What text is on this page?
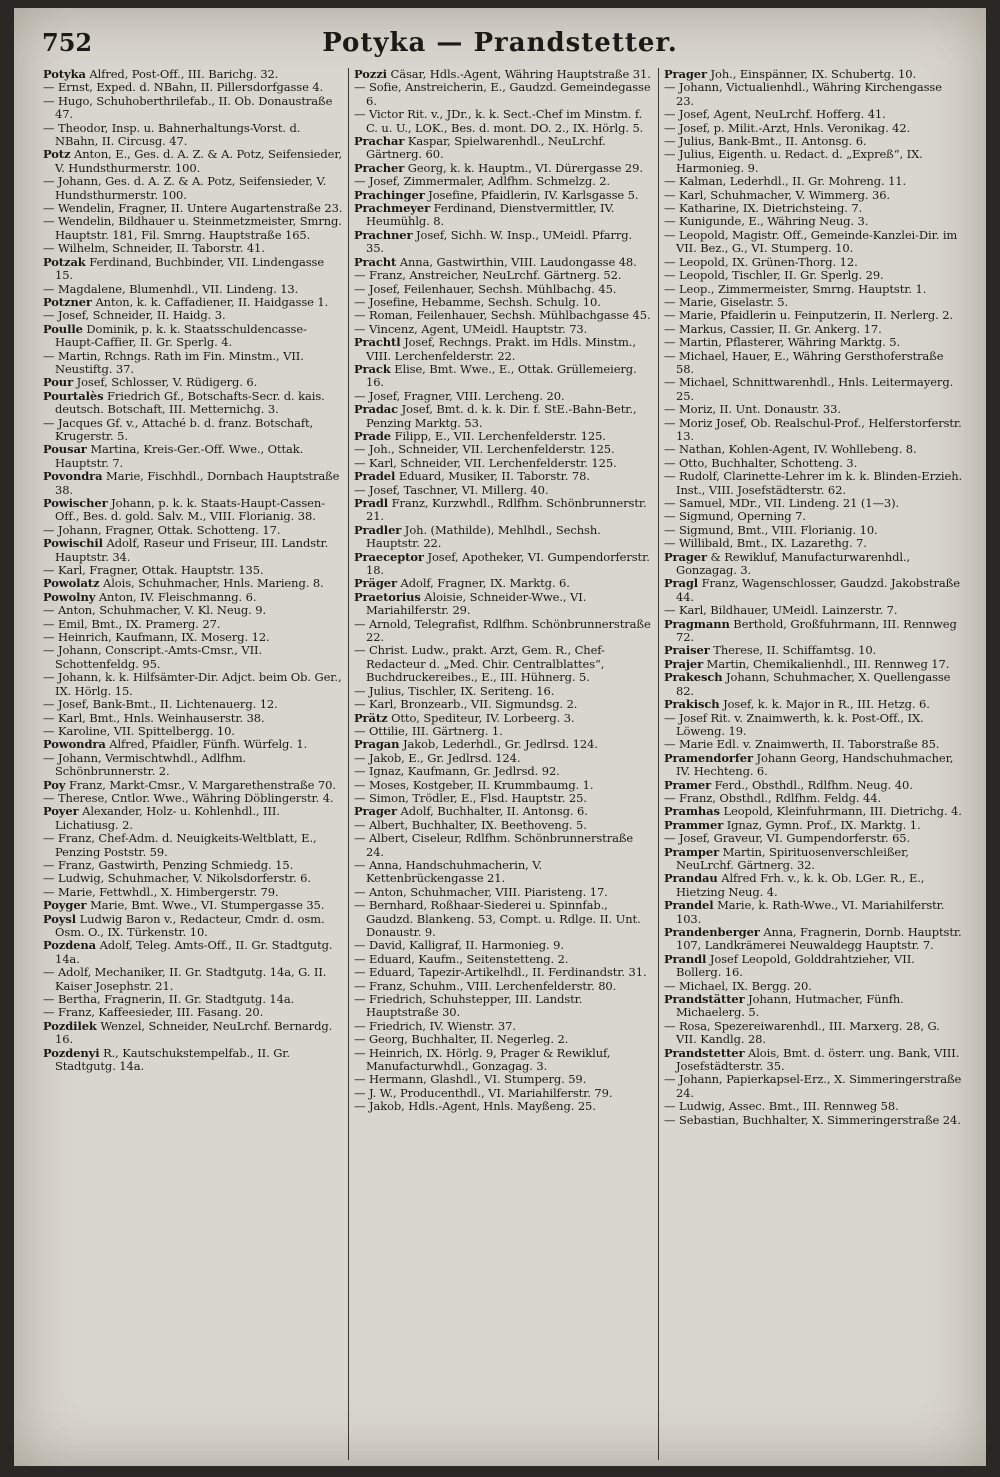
752	Potyka — Prandstetter.

Potyka Alfred, Post-Off., III. Barichg. 32.

— Ernst, Exped. d. NBahn, II. Pillersdorfgasse 4.

— Hugo, Schuhoberthrilefab., II. Ob. Donaustraße 47.

— Theodor, Insp. u. Bahnerhaltungs-Vorst. d. NBahn, II. Circusg. 47.

Potz Anton, E., Ges. d. A. Z. & A. Potz, Seifensieder, V. Hundsthurmerstr. 100.

— Johann, Ges. d. A. Z. & A. Potz, Seifensieder, V. Hundsthurmerstr. 100.

— Wendelin, Fragner, II. Untere Augartenstraße 23.

— Wendelin, Bildhauer u. Steinmetzmeister, Smrng. Hauptstr. 181, Fil. Smrng. Hauptstraße 165.

— Wilhelm, Schneider, II. Taborstr. 41.

Potzak Ferdinand, Buchbinder, VII. Lindengasse 15.

— Magdalene, Blumenhdl., VII. Lindeng. 13.

Potzner Anton, k. k. Caffadiener, II. Haidgasse 1.

— Josef, Schneider, II. Haidg. 3.

Poulle Dominik, p. k. k. Staatsschuldencasse-Haupt-Caffier, II. Gr. Sperlg. 4.

— Martin, Rchngs. Rath im Fin. Minstm., VII. Neustiftg. 37.

Pour Josef, Schlosser, V. Rüdigerg. 6.

Pourtalès Friedrich Gf., Botschafts-Secr. d. kais. deutsch. Botschaft, III. Metternichg. 3.

— Jacques Gf. v., Attaché b. d. franz. Botschaft, Krugerstr. 5.

Pousar Martina, Kreis-Ger.-Off. Wwe., Ottak. Hauptstr. 7.

Povondra Marie, Fischhdl., Dornbach Hauptstraße 38.

Powischer Johann, p. k. k. Staats-Haupt-Cassen-Off., Bes. d. gold. Salv. M., VIII. Florianig. 38.

— Johann, Fragner, Ottak. Schotteng. 17.

Powischil Adolf, Raseur und Friseur, III. Landstr. Hauptstr. 34.

— Karl, Fragner, Ottak. Hauptstr. 135.

Powolatz Alois, Schuhmacher, Hnls. Marieng. 8.

Powolny Anton, IV. Fleischmanng. 6.

— Anton, Schuhmacher, V. Kl. Neug. 9.

— Emil, Bmt., IX. Pramerg. 27.

— Heinrich, Kaufmann, IX. Moserg. 12.

— Johann, Conscript.-Amts-Cmsr., VII. Schottenfeldg. 95.

— Johann, k. k. Hilfsämter-Dir. Adjct. beim Ob. Ger., IX. Hörlg. 15.

— Josef, Bank-Bmt., II. Lichtenauerg. 12.

— Karl, Bmt., Hnls. Weinhauserstr. 38.

— Karoline, VII. Spittelbergg. 10.

Powondra Alfred, Pfaidler, Fünfh. Würfelg. 1.

— Johann, Vermischtwhdl., Adlfhm. Schönbrunnerstr. 2.

Poy Franz, Markt-Cmsr., V. Margarethenstraße 70.

— Therese, Cntlor. Wwe., Währing Döblingerstr. 4.

Poyer Alexander, Holz- u. Kohlenhdl., III. Lichatiusg. 2.

— Franz, Chef-Adm. d. Neuigkeits-Weltblatt, E., Penzing Poststr. 59.

— Franz, Gastwirth, Penzing Schmiedg. 15.

— Ludwig, Schuhmacher, V. Nikolsdorferstr. 6.

— Marie, Fettwhdl., X. Himbergerstr. 79.

Poyger Marie, Bmt. Wwe., VI. Stumpergasse 35.

Poysl Ludwig Baron v., Redacteur, Cmdr. d. osm. Osm. O., IX. Türkenstr. 10.

Pozdena Adolf, Teleg. Amts-Off., II. Gr. Stadtgutg. 14a.

— Adolf, Mechaniker, II. Gr. Stadtgutg. 14a, G. II. Kaiser Josephstr. 21.

— Bertha, Fragnerin, II. Gr. Stadtgutg. 14a.

— Franz, Kaffeesieder, III. Fasang. 20.

Pozdilek Wenzel, Schneider, NeuLrchf. Bernardg. 16.

Pozdenyi R., Kautschukstempelfab., II. Gr. Stadtgutg. 14a.

Pozzi Cäsar, Hdls.-Agent, Währing Hauptstraße 31.

— Sofie, Anstreicherin, E., Gaudzd. Gemeindegasse 6.

— Victor Rit. v., JDr., k. k. Sect.-Chef im Minstm. f. C. u. U., LOK., Bes. d. mont. DO. 2., IX. Hörlg. 5.

Prachar Kaspar, Spielwarenhdl., NeuLrchf. Gärtnerg. 60.

Pracher Georg, k. k. Hauptm., VI. Dürergasse 29.

— Josef, Zimmermaler, Adlfhm. Schmelzg. 2.

Prachinger Josefine, Pfaidlerin, IV. Karlsgasse 5.

Prachmeyer Ferdinand, Dienstvermittler, IV. Heumühlg. 8.

Prachner Josef, Sichh. W. Insp., UMeidl. Pfarrg. 35.

Pracht Anna, Gastwirthin, VIII. Laudongasse 48.

— Franz, Anstreicher, NeuLrchf. Gärtnerg. 52.

— Josef, Feilenhauer, Sechsh. Mühlbachg. 45.

— Josefine, Hebamme, Sechsh. Schulg. 10.

— Roman, Feilenhauer, Sechsh. Mühlbachgasse 45.

— Vincenz, Agent, UMeidl. Hauptstr. 73.

Prachtl Josef, Rechngs. Prakt. im Hdls. Minstm., VIII. Lerchenfelderstr. 22.

Prack Elise, Bmt. Wwe., E., Ottak. Grüllemeierg. 16.

— Josef, Fragner, VIII. Lercheng. 20.

Pradac Josef, Bmt. d. k. k. Dir. f. StE.-Bahn-Betr., Penzing Marktg. 53.

Prade Filipp, E., VII. Lerchenfelderstr. 125.

— Joh., Schneider, VII. Lerchenfelderstr. 125.

— Karl, Schneider, VII. Lerchenfelderstr. 125.

Pradel Eduard, Musiker, II. Taborstr. 78.

— Josef, Taschner, VI. Millerg. 40.

Pradl Franz, Kurzwhdl., Rdlfhm. Schönbrunnerstr. 21.

Pradler Joh. (Mathilde), Mehlhdl., Sechsh. Hauptstr. 22.

Praeceptor Josef, Apotheker, VI. Gumpendorferstr. 18.

Präger Adolf, Fragner, IX. Marktg. 6.

Praetorius Aloisie, Schneider-Wwe., VI. Mariahilferstr. 29.

— Arnold, Telegrafist, Rdlfhm. Schönbrunnerstraße 22.

— Christ. Ludw., prakt. Arzt, Gem. R., Chef-Redacteur d. „Med. Chir. Centralblattes“, Buchdruckereibes., E., III. Hühnerg. 5.

— Julius, Tischler, IX. Seriteng. 16.

— Karl, Bronzearb., VII. Sigmundsg. 2.

Prätz Otto, Spediteur, IV. Lorbeerg. 3.

— Ottilie, III. Gärtnerg. 1.

Pragan Jakob, Lederhdl., Gr. Jedlrsd. 124.

— Jakob, E., Gr. Jedlrsd. 124.

— Ignaz, Kaufmann, Gr. Jedlrsd. 92.

— Moses, Kostgeber, II. Krummbaumg. 1.

— Simon, Trödler, E., Flsd. Hauptstr. 25.

Prager Adolf, Buchhalter, II. Antonsg. 6.

— Albert, Buchhalter, IX. Beethoveng. 5.

— Albert, Ciseleur, Rdlfhm. Schönbrunnerstraße 24.

— Anna, Handschuhmacherin, V. Kettenbrückengasse 21.

— Anton, Schuhmacher, VIII. Piaristeng. 17.

— Bernhard, Roßhaar-Siederei u. Spinnfab., Gaudzd. Blankeng. 53, Compt. u. Rdlge. II. Unt. Donaustr. 9.

— David, Kalligraf, II. Harmonieg. 9.

— Eduard, Kaufm., Seitenstetteng. 2.

— Eduard, Tapezir-Artikelhdl., II. Ferdinandstr. 31.

— Franz, Schuhm., VIII. Lerchenfelderstr. 80.

— Friedrich, Schuhstepper, III. Landstr. Hauptstraße 30.

— Friedrich, IV. Wienstr. 37.

— Georg, Buchhalter, II. Negerleg. 2.

— Heinrich, IX. Hörlg. 9, Prager & Rewikluf, Manufacturwhdl., Gonzagag. 3.

— Hermann, Glashdl., VI. Stumperg. 59.

— J. W., Producenthdl., VI. Mariahilferstr. 79.

— Jakob, Hdls.-Agent, Hnls. Mayßeng. 25.

Prager Joh., Einspänner, IX. Schubertg. 10.

— Johann, Victualienhdl., Währing Kirchengasse 23.

— Josef, Agent, NeuLrchf. Hofferg. 41.

— Josef, p. Milit.-Arzt, Hnls. Veronikag. 42.

— Julius, Bank-Bmt., II. Antonsg. 6.

— Julius, Eigenth. u. Redact. d. „Expreß“, IX. Harmonieg. 9.

— Kalman, Lederhdl., II. Gr. Mohreng. 11.

— Karl, Schuhmacher, V. Wimmerg. 36.

— Katharine, IX. Dietrichsteing. 7.

— Kunigunde, E., Währing Neug. 3.

— Leopold, Magistr. Off., Gemeinde-Kanzlei-Dir. im VII. Bez., G., VI. Stumperg. 10.

— Leopold, IX. Grünen-Thorg. 12.

— Leopold, Tischler, II. Gr. Sperlg. 29.

— Leop., Zimmermeister, Smrng. Hauptstr. 1.

— Marie, Giselastr. 5.

— Marie, Pfaidlerin u. Feinputzerin, II. Nerlerg. 2.

— Markus, Cassier, II. Gr. Ankerg. 17.

— Martin, Pflasterer, Währing Marktg. 5.

— Michael, Hauer, E., Währing Gersthoferstraße 58.

— Michael, Schnittwarenhdl., Hnls. Leitermayerg. 25.

— Moriz, II. Unt. Donaustr. 33.

— Moriz Josef, Ob. Realschul-Prof., Helferstorferstr. 13.

— Nathan, Kohlen-Agent, IV. Wohllebeng. 8.

— Otto, Buchhalter, Schotteng. 3.

— Rudolf, Clarinette-Lehrer im k. k. Blinden-Erzieh. Inst., VIII. Josefstädterstr. 62.

— Samuel, MDr., VII. Lindeng. 21 (1—3).

— Sigmund, Operning 7.

— Sigmund, Bmt., VIII. Florianig. 10.

— Willibald, Bmt., IX. Lazarethg. 7.

Prager & Rewikluf, Manufacturwarenhdl., Gonzagag. 3.

Pragl Franz, Wagenschlosser, Gaudzd. Jakobstraße 44.

— Karl, Bildhauer, UMeidl. Lainzerstr. 7.

Pragmann Berthold, Großfuhrmann, III. Rennweg 72.

Praiser Therese, II. Schiffamtsg. 10.

Prajer Martin, Chemikalienhdl., III. Rennweg 17.

Prakesch Johann, Schuhmacher, X. Quellengasse 82.

Prakisch Josef, k. k. Major in R., III. Hetzg. 6.

— Josef Rit. v. Znaimwerth, k. k. Post-Off., IX. Löweng. 19.

— Marie Edl. v. Znaimwerth, II. Taborstraße 85.

Pramendorfer Johann Georg, Handschuhmacher, IV. Hechteng. 6.

Pramer Ferd., Obsthdl., Rdlfhm. Neug. 40.

— Franz, Obsthdl., Rdlfhm. Feldg. 44.

Pramhas Leopold, Kleinfuhrmann, III. Dietrichg. 4.

Prammer Ignaz, Gymn. Prof., IX. Marktg. 1.

— Josef, Graveur, VI. Gumpendorferstr. 65.

Pramper Martin, Spirituosenverschleißer, NeuLrchf. Gärtnerg. 32.

Prandau Alfred Frh. v., k. k. Ob. LGer. R., E., Hietzing Neug. 4.

Prandel Marie, k. Rath-Wwe., VI. Mariahilferstr. 103.

Prandenberger Anna, Fragnerin, Dornb. Hauptstr. 107, Landkrämerei Neuwaldegg Hauptstr. 7.

Prandl Josef Leopold, Golddrahtzieher, VII. Bollerg. 16.

— Michael, IX. Bergg. 20.

Prandstätter Johann, Hutmacher, Fünfh. Michaelerg. 5.

— Rosa, Spezereiwarenhdl., III. Marxerg. 28, G. VII. Kandlg. 28.

Prandstetter Alois, Bmt. d. österr. ung. Bank, VIII. Josefstädterstr. 35.

— Johann, Papierkapsel-Erz., X. Simmeringerstraße 24.

— Ludwig, Assec. Bmt., III. Rennweg 58.

— Sebastian, Buchhalter, X. Simmeringerstraße 24.
